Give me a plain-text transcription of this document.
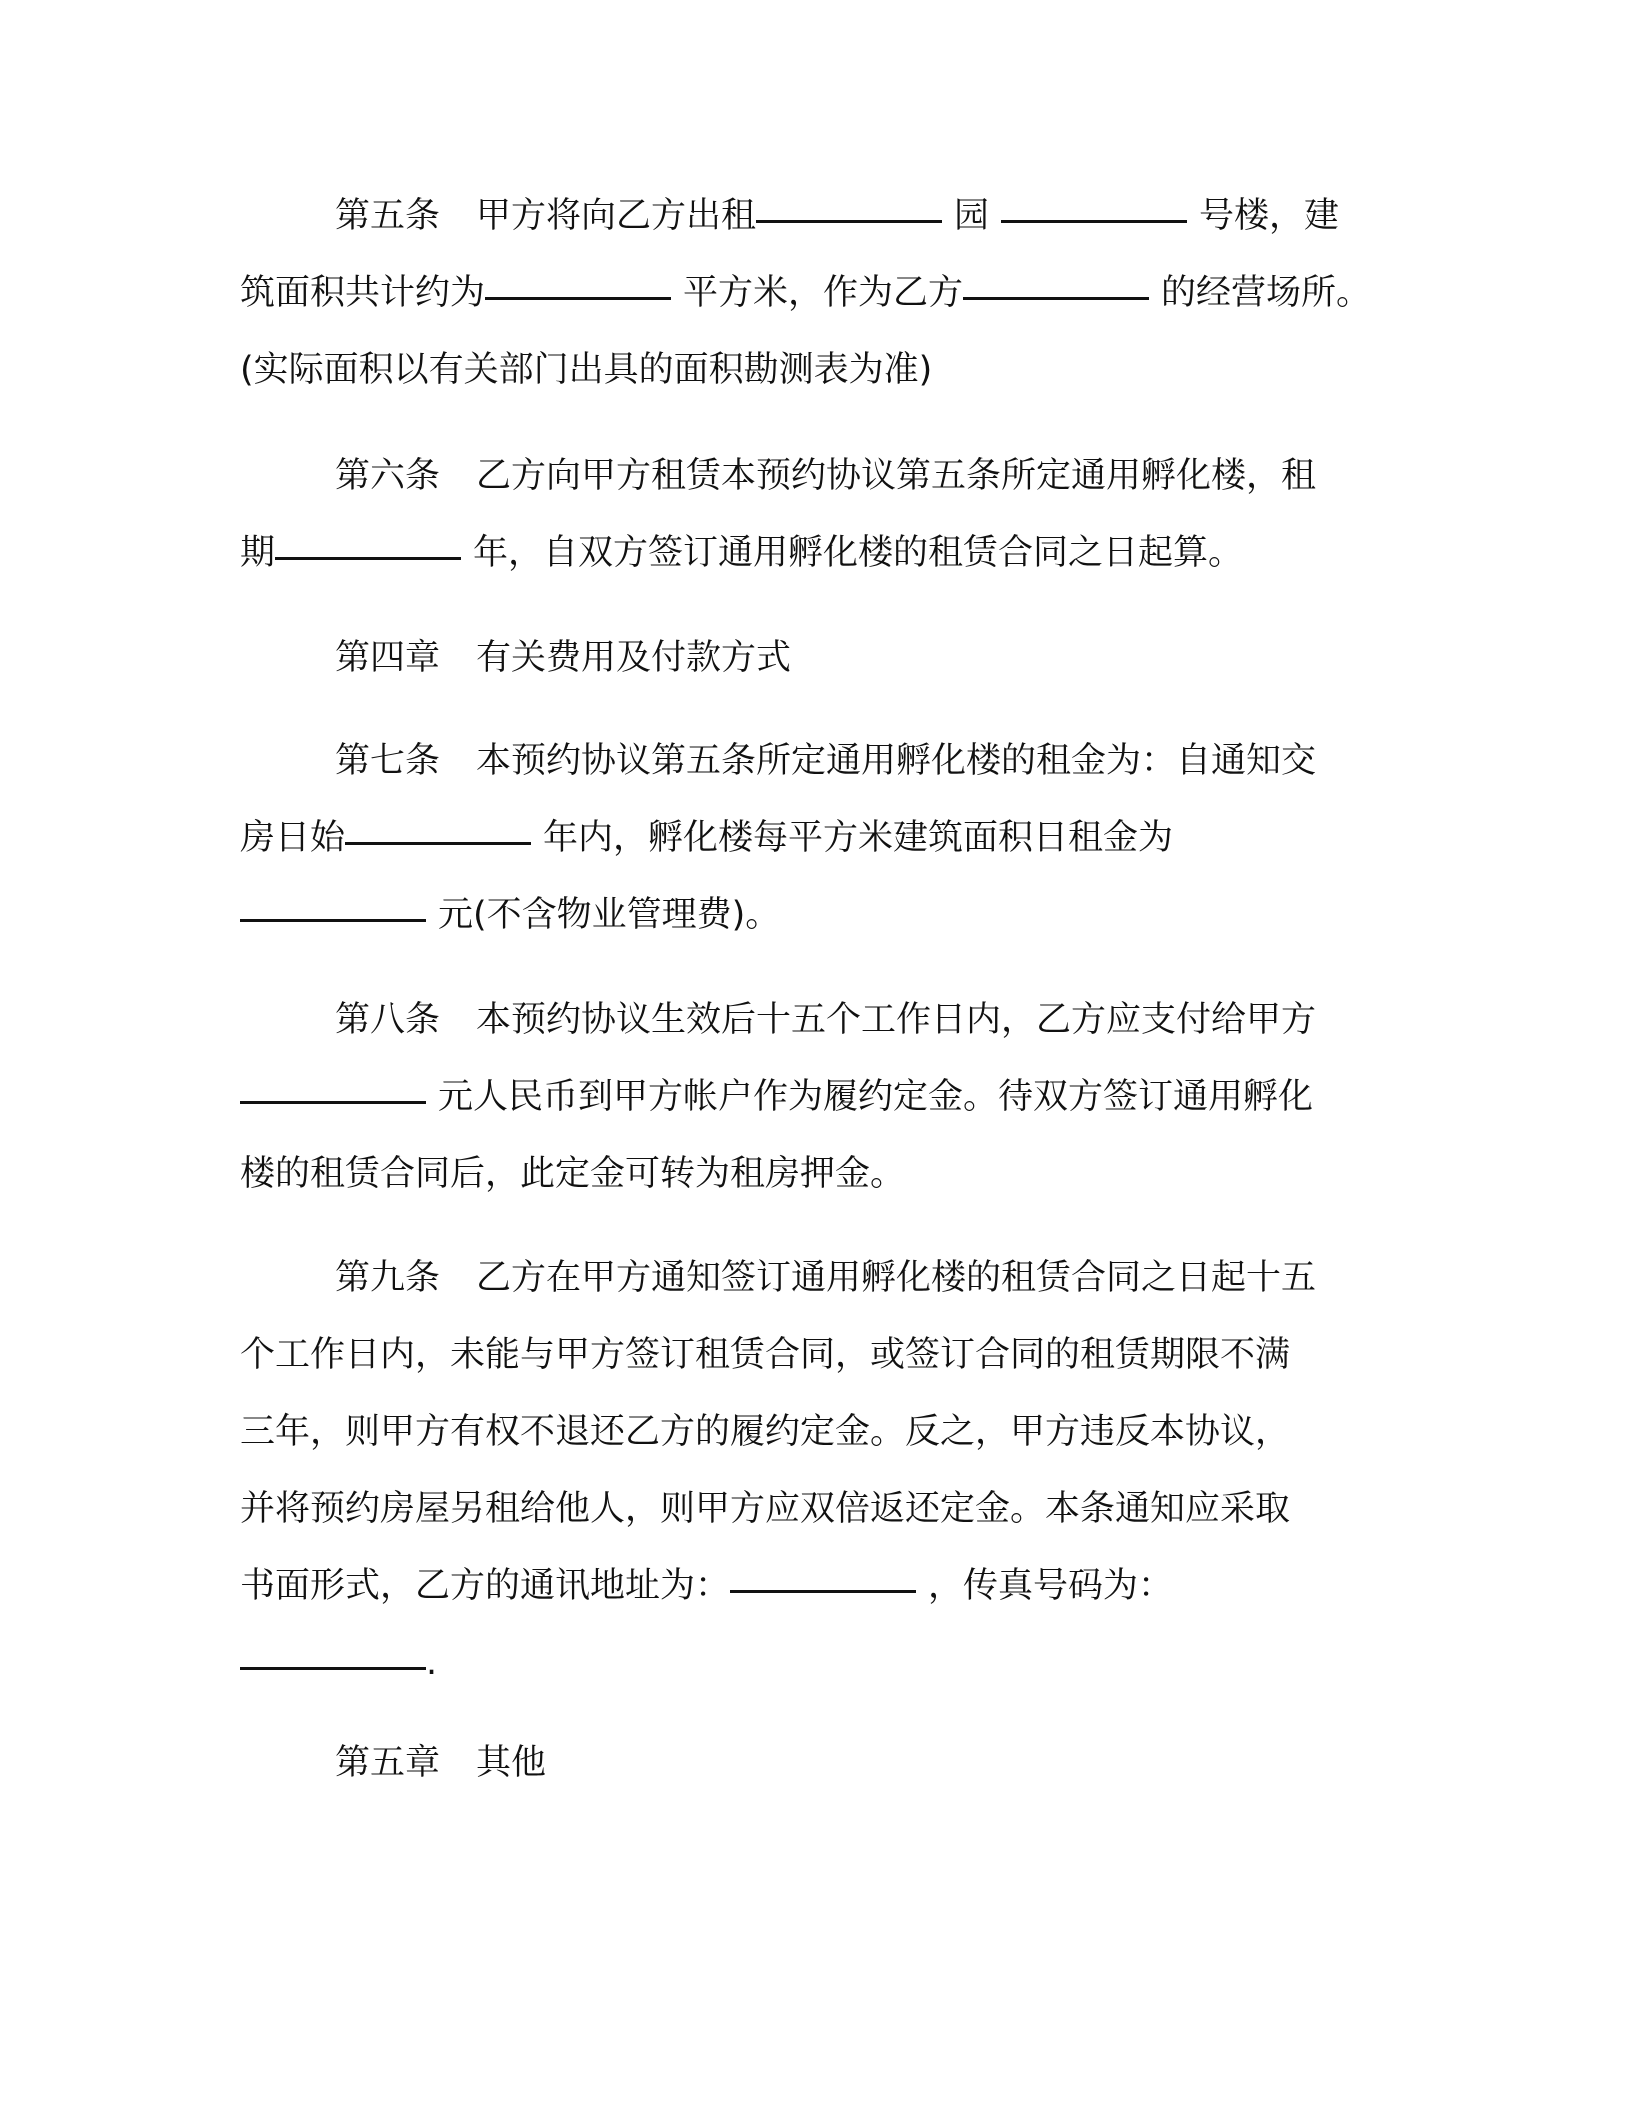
第五条 甲方将向乙方出租	园	号楼，建
筑面积共计约为	平方米，作为乙方	的经营场所。
(实际面积以有关部门出具的面积勘测表为准)
第六条 乙方向甲方租赁本预约协议第五条所定通用孵化楼，租
期	年，自双方签订通用孵化楼的租赁合同之日起算。
第四章 有关费用及付款方式
第七条 本预约协议第五条所定通用孵化楼的租金为：自通知交
房日始	年内，孵化楼每平方米建筑面积日租金为
元(不含物业管理费)。
第八条 本预约协议生效后十五个工作日内，乙方应支付给甲方
元人民币到甲方帐户作为履约定金。待双方签订通用孵化
楼的租赁合同后，此定金可转为租房押金。
第九条 乙方在甲方通知签订通用孵化楼的租赁合同之日起十五
个工作日内，未能与甲方签订租赁合同，或签订合同的租赁期限不满
三年，则甲方有权不退还乙方的履约定金。反之，甲方违反本协议，
并将预约房屋另租给他人，则甲方应双倍返还定金。本条通知应采取
书面形式，乙方的通讯地址为：	，传真号码为：
.
第五章 其他
